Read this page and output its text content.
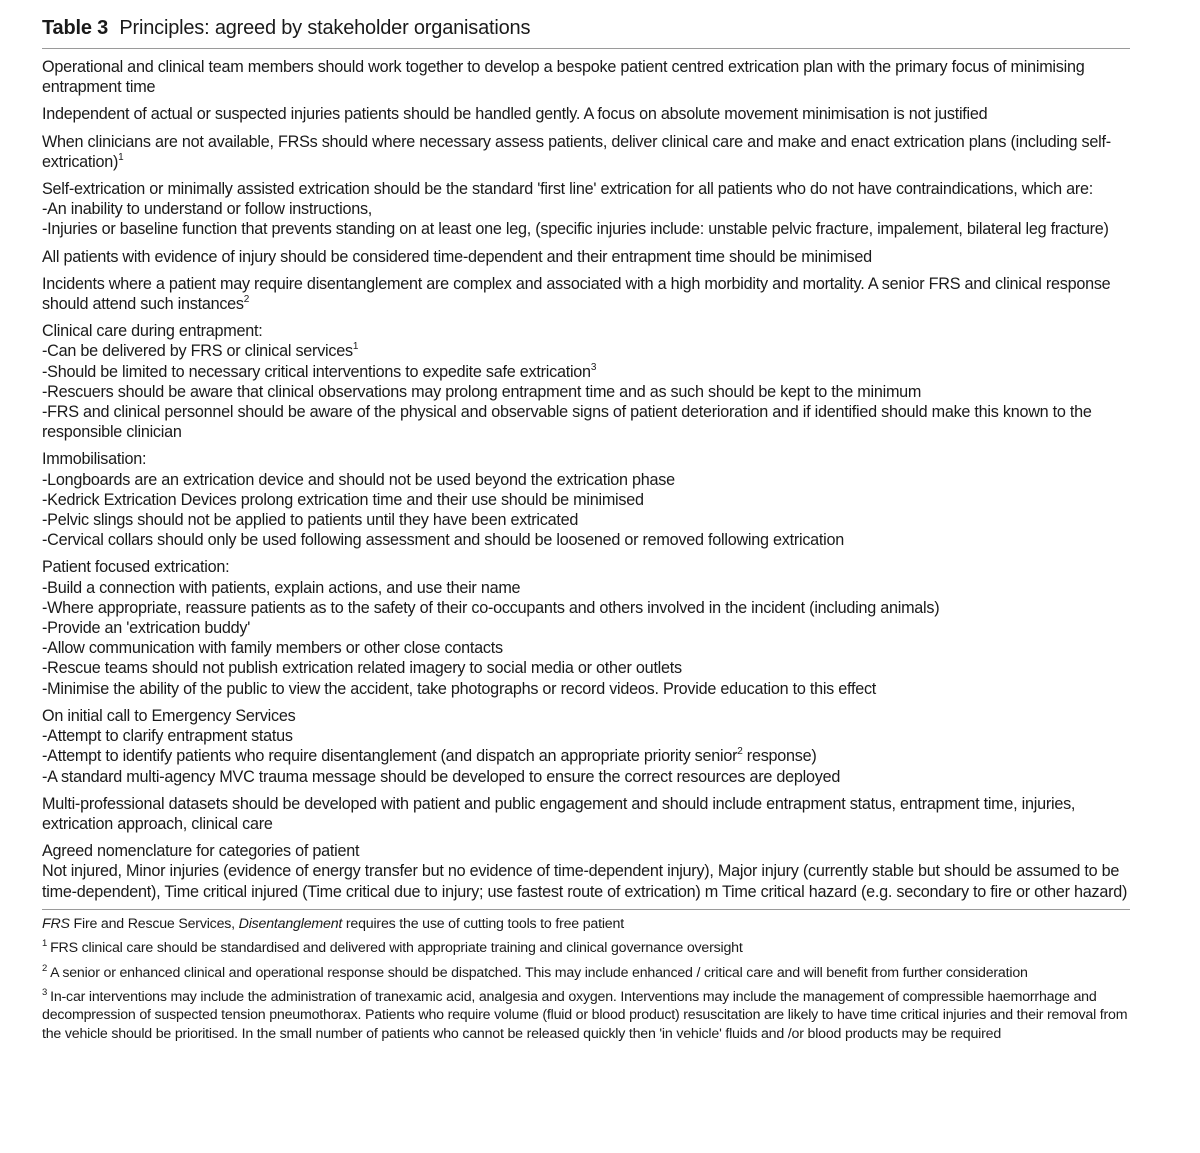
Table 3 Principles: agreed by stakeholder organisations
Operational and clinical team members should work together to develop a bespoke patient centred extrication plan with the primary focus of minimising entrapment time
Independent of actual or suspected injuries patients should be handled gently. A focus on absolute movement minimisation is not justified
When clinicians are not available, FRSs should where necessary assess patients, deliver clinical care and make and enact extrication plans (including self-extrication)$^1$
Self-extrication or minimally assisted extrication should be the standard 'first line' extrication for all patients who do not have contraindications, which are:
-An inability to understand or follow instructions,
-Injuries or baseline function that prevents standing on at least one leg, (specific injuries include: unstable pelvic fracture, impalement, bilateral leg fracture)
All patients with evidence of injury should be considered time-dependent and their entrapment time should be minimised
Incidents where a patient may require disentanglement are complex and associated with a high morbidity and mortality. A senior FRS and clinical response should attend such instances$^2$
Clinical care during entrapment:
-Can be delivered by FRS or clinical services$^1$
-Should be limited to necessary critical interventions to expedite safe extrication$^3$
-Rescuers should be aware that clinical observations may prolong entrapment time and as such should be kept to the minimum
-FRS and clinical personnel should be aware of the physical and observable signs of patient deterioration and if identified should make this known to the responsible clinician
Immobilisation:
-Longboards are an extrication device and should not be used beyond the extrication phase
-Kedrick Extrication Devices prolong extrication time and their use should be minimised
-Pelvic slings should not be applied to patients until they have been extricated
-Cervical collars should only be used following assessment and should be loosened or removed following extrication
Patient focused extrication:
-Build a connection with patients, explain actions, and use their name
-Where appropriate, reassure patients as to the safety of their co-occupants and others involved in the incident (including animals)
-Provide an 'extrication buddy'
-Allow communication with family members or other close contacts
-Rescue teams should not publish extrication related imagery to social media or other outlets
-Minimise the ability of the public to view the accident, take photographs or record videos. Provide education to this effect
On initial call to Emergency Services
-Attempt to clarify entrapment status
-Attempt to identify patients who require disentanglement (and dispatch an appropriate priority senior$^2$ response)
-A standard multi-agency MVC trauma message should be developed to ensure the correct resources are deployed
Multi-professional datasets should be developed with patient and public engagement and should include entrapment status, entrapment time, injuries, extrication approach, clinical care
Agreed nomenclature for categories of patient
Not injured, Minor injuries (evidence of energy transfer but no evidence of time-dependent injury), Major injury (currently stable but should be assumed to be time-dependent), Time critical injured (Time critical due to injury; use fastest route of extrication) m Time critical hazard (e.g. secondary to fire or other hazard)
FRS Fire and Rescue Services, Disentanglement requires the use of cutting tools to free patient
$^1$ FRS clinical care should be standardised and delivered with appropriate training and clinical governance oversight
$^2$ A senior or enhanced clinical and operational response should be dispatched. This may include enhanced / critical care and will benefit from further consideration
$^3$ In-car interventions may include the administration of tranexamic acid, analgesia and oxygen. Interventions may include the management of compressible haemorrhage and decompression of suspected tension pneumothorax. Patients who require volume (fluid or blood product) resuscitation are likely to have time critical injuries and their removal from the vehicle should be prioritised. In the small number of patients who cannot be released quickly then 'in vehicle' fluids and /or blood products may be required
